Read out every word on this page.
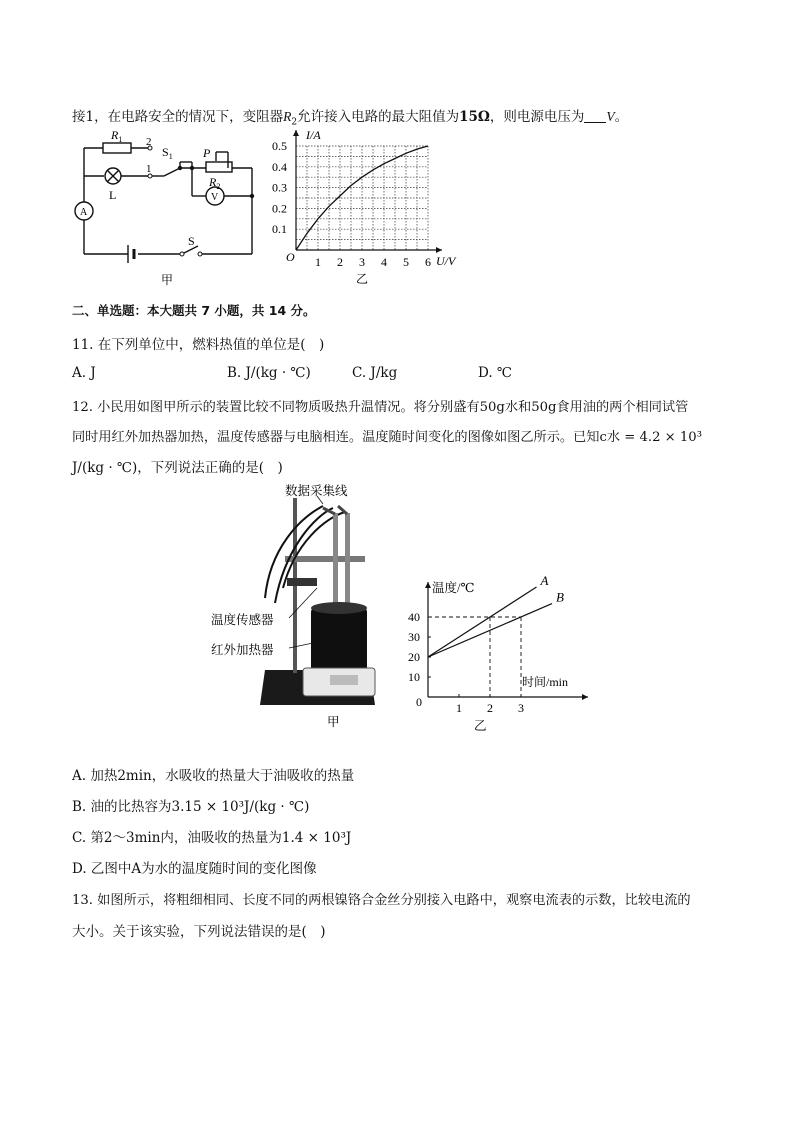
接1，在电路安全的情况下，变阻器$R_2$允许接入电路的最大阻值为15Ω，则电源电压为 V。
$R_1$ 2
1
$S_1$	P
$R_2$
L
A
V
S
甲
1 2 3 4 5 6
0.1
0.2
0.3
0.4
0.5
I/A
U/V
O
乙
二、单选题：本大题共 7 小题，共 14 分。
11. 在下列单位中，燃料热值的单位是(　)
A. J	B. J/(kg · ℃)	C. J/kg	D. ℃
12. 小民用如图甲所示的装置比较不同物质吸热升温情况。将分别盛有50g水和50g食用油的两个相同试管
同时用红外加热器加热，温度传感器与电脑相连。温度随时间变化的图像如图乙所示。已知c水 = 4.2 × 10³
J/(kg · ℃)，下列说法正确的是(　)
数据采集线
温度传感器
红外加热器
甲
1 2 3
10
20
30
40
A
B
温度/℃
时间/min
0
乙
A. 加热2min，水吸收的热量大于油吸收的热量
B. 油的比热容为3.15 × 10³J/(kg · ℃)
C. 第2～3min内，油吸收的热量为1.4 × 10³J
D. 乙图中A为水的温度随时间的变化图像
13. 如图所示，将粗细相同、长度不同的两根镍铬合金丝分别接入电路中，观察电流表的示数，比较电流的
大小。关于该实验，下列说法错误的是(　)
